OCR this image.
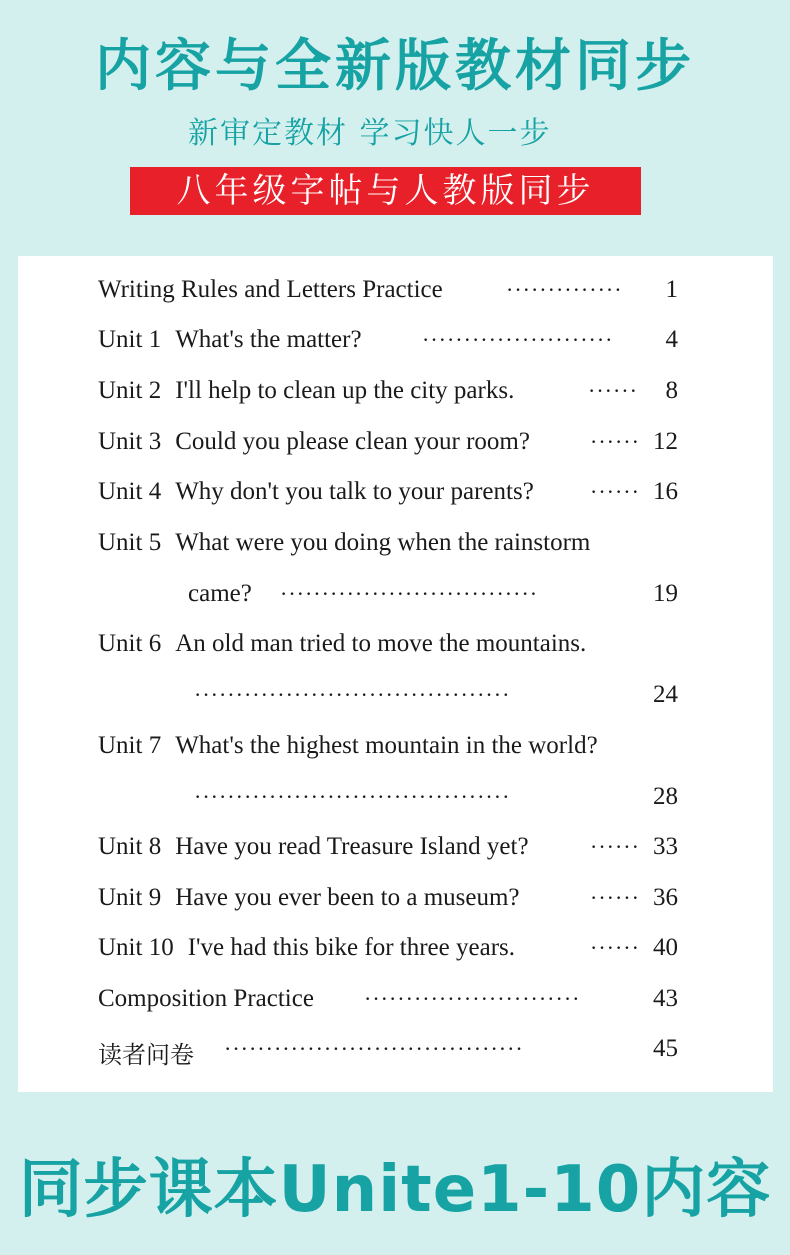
内容与全新版教材同步
新审定教材 学习快人一步
八年级字帖与人教版同步
Writing Rules and Letters Practice	·············· 1
Unit 1 What's the matter?	······················· 4
Unit 2 I'll help to clean up the city parks.	······ 8
Unit 3 Could you please clean your room?	······ 12
Unit 4 Why don't you talk to your parents?	······ 16
Unit 5 What were you doing when the rainstorm
came? ·······························	19
Unit 6 An old man tried to move the mountains.
······································	24
Unit 7 What's the highest mountain in the world?
······································	28
Unit 8 Have you read Treasure Island yet?	······ 33
Unit 9 Have you ever been to a museum?	······ 36
Unit 10 I've had this bike for three years.	······ 40
Composition Practice ··························	43
读者问卷 ····································	45
同步课本Unite1-10内容
